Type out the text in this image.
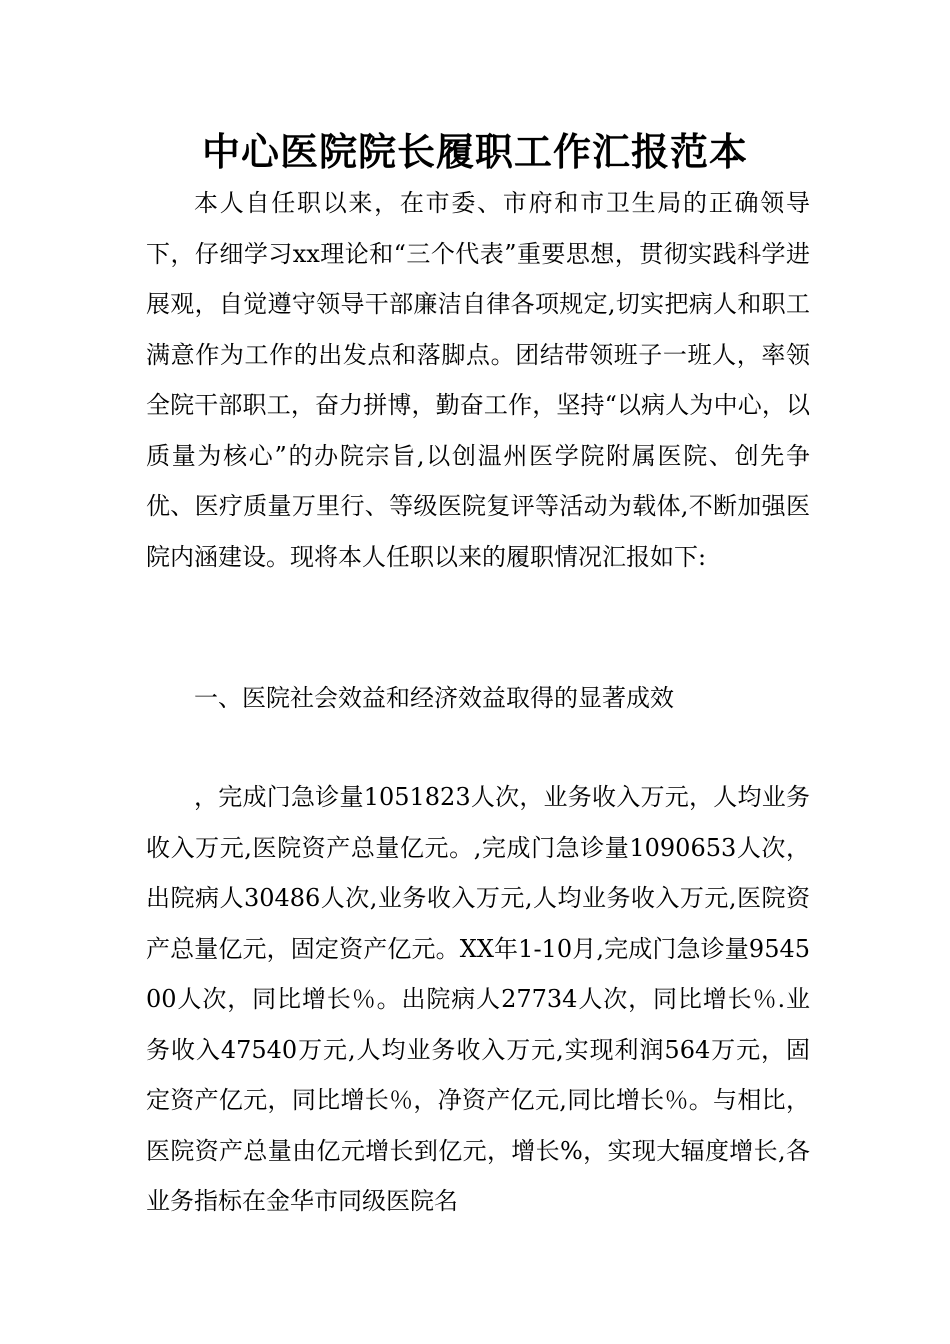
中心医院院长履职工作汇报范本

本人自任职以来，在市委、市府和市卫生局的正确领导下，仔细学习xx理论和“三个代表”重要思想，贯彻实践科学进展观，自觉遵守领导干部廉洁自律各项规定,切实把病人和职工满意作为工作的出发点和落脚点。团结带领班子一班人，率领全院干部职工，奋力拼博，勤奋工作，坚持“以病人为中心，以质量为核心”的办院宗旨,以创温州医学院附属医院、创先争优、医疗质量万里行、等级医院复评等活动为载体,不断加强医院内涵建设。现将本人任职以来的履职情况汇报如下:

一、医院社会效益和经济效益取得的显著成效

，完成门急诊量1051823人次，业务收入万元，人均业务收入万元,医院资产总量亿元。,完成门急诊量1090653人次，出院病人30486人次,业务收入万元,人均业务收入万元,医院资产总量亿元，固定资产亿元。XX年1-10月,完成门急诊量954500人次，同比增长％。出院病人27734人次，同比增长％.业务收入47540万元,人均业务收入万元,实现利润564万元，固定资产亿元，同比增长％，净资产亿元,同比增长％。与相比，医院资产总量由亿元增长到亿元，增长%，实现大辐度增长,各业务指标在金华市同级医院名
